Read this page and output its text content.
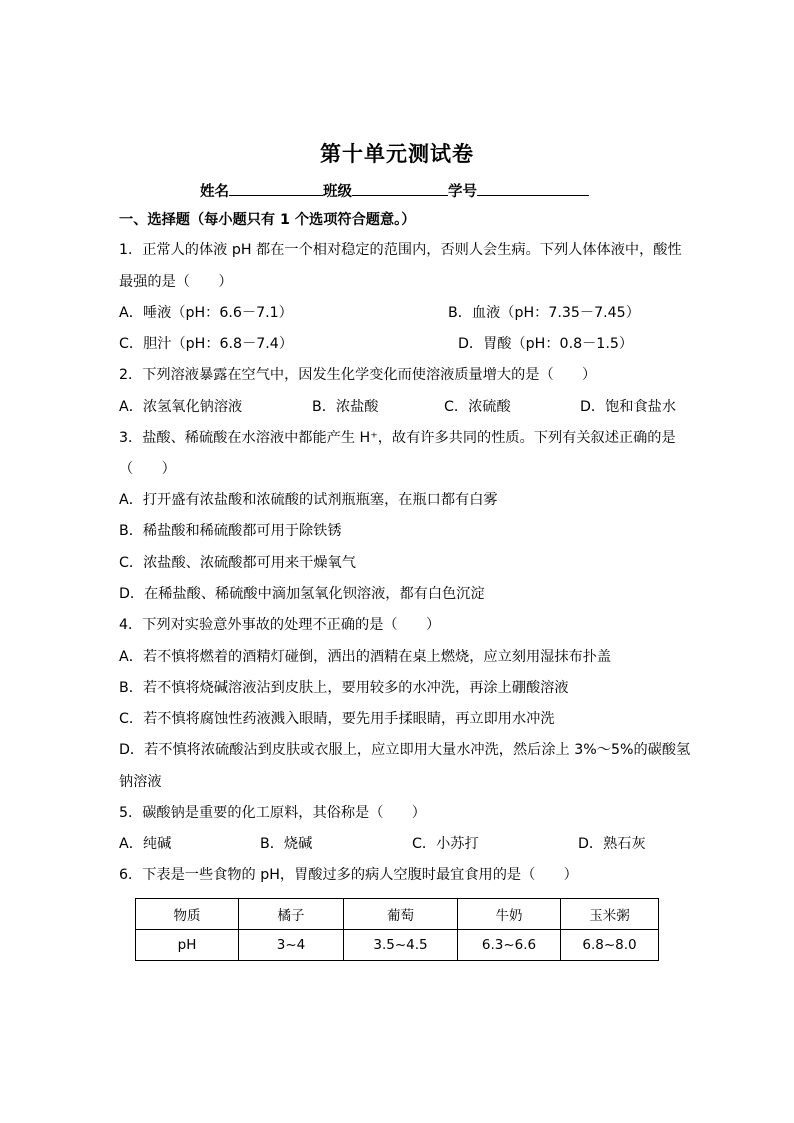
第十单元测试卷
姓名	班级	学号
一、选择题（每小题只有 1 个选项符合题意。）
1．正常人的体液 pH 都在一个相对稳定的范围内，否则人会生病。下列人体体液中，酸性
最强的是（　　）
A．唾液（pH：6.6－7.1）	B．血液（pH：7.35－7.45）
C．胆汁（pH：6.8－7.4）	D．胃酸（pH：0.8－1.5）
2．下列溶液暴露在空气中，因发生化学变化而使溶液质量增大的是（　　）
A．浓氢氧化钠溶液	B．浓盐酸	C．浓硫酸	D．饱和食盐水
3．盐酸、稀硫酸在水溶液中都能产生 H⁺，故有许多共同的性质。下列有关叙述正确的是
（　　）
A．打开盛有浓盐酸和浓硫酸的试剂瓶瓶塞，在瓶口都有白雾
B．稀盐酸和稀硫酸都可用于除铁锈
C．浓盐酸、浓硫酸都可用来干燥氧气
D．在稀盐酸、稀硫酸中滴加氢氧化钡溶液，都有白色沉淀
4．下列对实验意外事故的处理不正确的是（　　）
A．若不慎将燃着的酒精灯碰倒，洒出的酒精在桌上燃烧，应立刻用湿抹布扑盖
B．若不慎将烧碱溶液沾到皮肤上，要用较多的水冲洗，再涂上硼酸溶液
C．若不慎将腐蚀性药液溅入眼睛，要先用手揉眼睛，再立即用水冲洗
D．若不慎将浓硫酸沾到皮肤或衣服上，应立即用大量水冲洗，然后涂上 3%～5%的碳酸氢
钠溶液
5．碳酸钠是重要的化工原料，其俗称是（　　）
A．纯碱	B．烧碱	C．小苏打	D．熟石灰
6．下表是一些食物的 pH，胃酸过多的病人空腹时最宜食用的是（　　）
物质	橘子	葡萄	牛奶	玉米粥
pH	3~4	3.5~4.5	6.3~6.6	6.8~8.0
